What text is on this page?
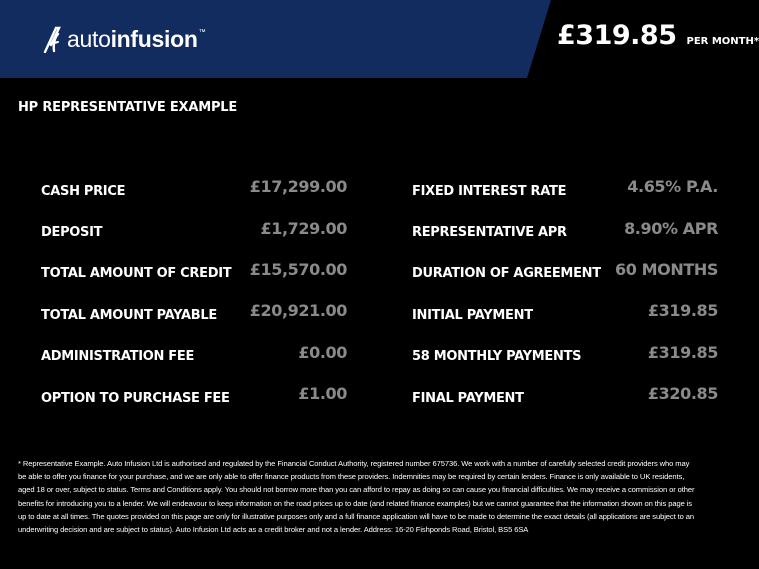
autoinfusion™	£319.85 PER MONTH*
HP REPRESENTATIVE EXAMPLE
CASH PRICE	£17,299.00
DEPOSIT	£1,729.00
TOTAL AMOUNT OF CREDIT £15,570.00
TOTAL AMOUNT PAYABLE £20,921.00
ADMINISTRATION FEE	£0.00
OPTION TO PURCHASE FEE	£1.00
FIXED INTEREST RATE	4.65% P.A.
REPRESENTATIVE APR	8.90% APR
DURATION OF AGREEMENT 60 MONTHS
INITIAL PAYMENT	£319.85
58 MONTHLY PAYMENTS	£319.85
FINAL PAYMENT	£320.85
* Representative Example. Auto Infusion Ltd is authorised and regulated by the Financial Conduct Authority, registered number 675736. We work with a number of carefully selected credit providers who may be able to offer you finance for your purchase, and we are only able to offer finance products from these providers. Indemnities may be required by certain lenders. Finance is only available to UK residents, aged 18 or over, subject to status. Terms and Conditions apply. You should not borrow more than you can afford to repay as doing so can cause you financial difficulties. We may receive a commission or other benefits for introducing you to a lender. We will endeavour to keep information on the road prices up to date (and related finance examples) but we cannot guarantee that the information shown on this page is up to date at all times. The quotes provided on this page are only for illustrative purposes only and a full finance application will have to be made to determine the exact details (all applications are subject to an underwriting decision and are subject to status). Auto Infusion Ltd acts as a credit broker and not a lender. Address: 16-20 Fishponds Road, Bristol, BS5 6SA
